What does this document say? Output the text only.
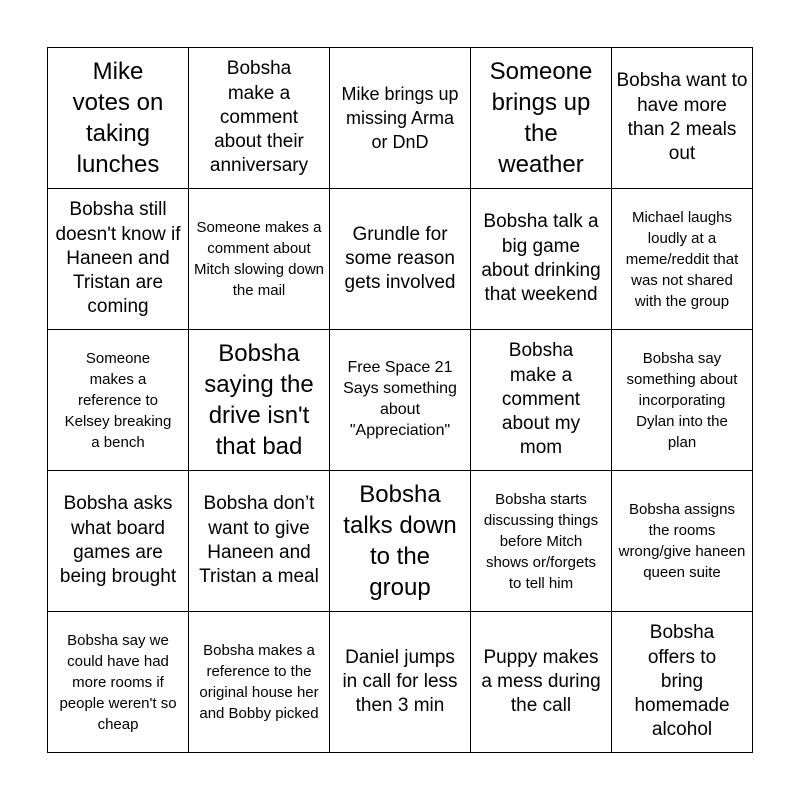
Mike votes on taking lunches
Bobsha make a comment about their anniversary
Mike brings up missing Arma or DnD
Someone brings up the weather
Bobsha want to have more than 2 meals out
Bobsha still doesn't know if Haneen and Tristan are coming
Someone makes a comment about Mitch slowing down the mail
Grundle for some reason gets involved
Bobsha talk a big game about drinking that weekend
Michael laughs loudly at a meme/reddit that was not shared with the group
Someone makes a reference to Kelsey breaking a bench
Bobsha saying the drive isn't that bad
Free Space 21 Says something about "Appreciation"
Bobsha make a comment about my mom
Bobsha say something about incorporating Dylan into the plan
Bobsha asks what board games are being brought
Bobsha don’t want to give Haneen and Tristan a meal
Bobsha talks down to the group
Bobsha starts discussing things before Mitch shows or/forgets to tell him
Bobsha assigns the rooms wrong/give haneen queen suite
Bobsha say we could have had more rooms if people weren't so cheap
Bobsha makes a reference to the original house her and Bobby picked
Daniel jumps in call for less then 3 min
Puppy makes a mess during the call
Bobsha offers to bring homemade alcohol
